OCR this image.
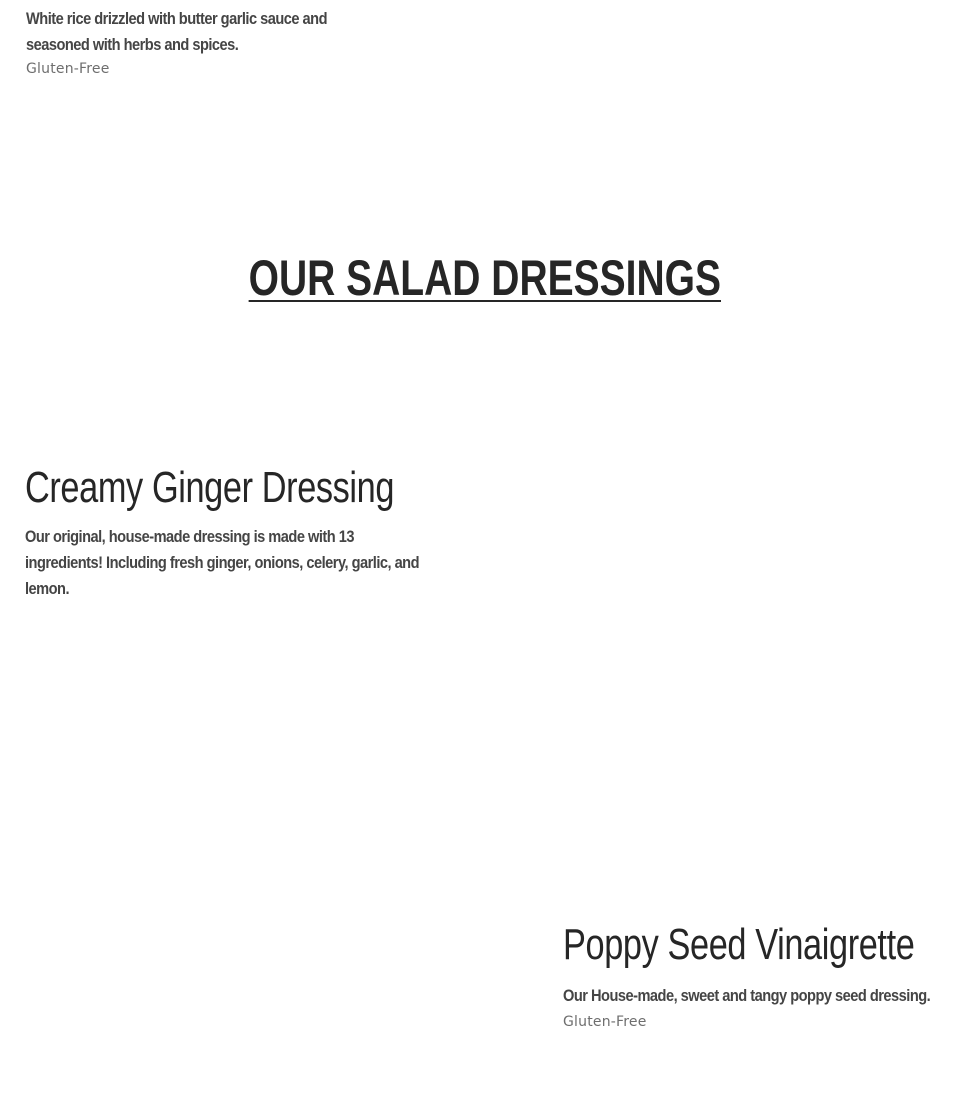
White rice drizzled with butter garlic sauce and seasoned with herbs and spices.

Gluten-Free

OUR SALAD DRESSINGS
Creamy Ginger Dressing

Our original, house-made dressing is made with 13 ingredients! Including fresh ginger, onions, celery, garlic, and lemon.

Poppy Seed Vinaigrette

Our House-made, sweet and tangy poppy seed dressing.

Gluten-Free
